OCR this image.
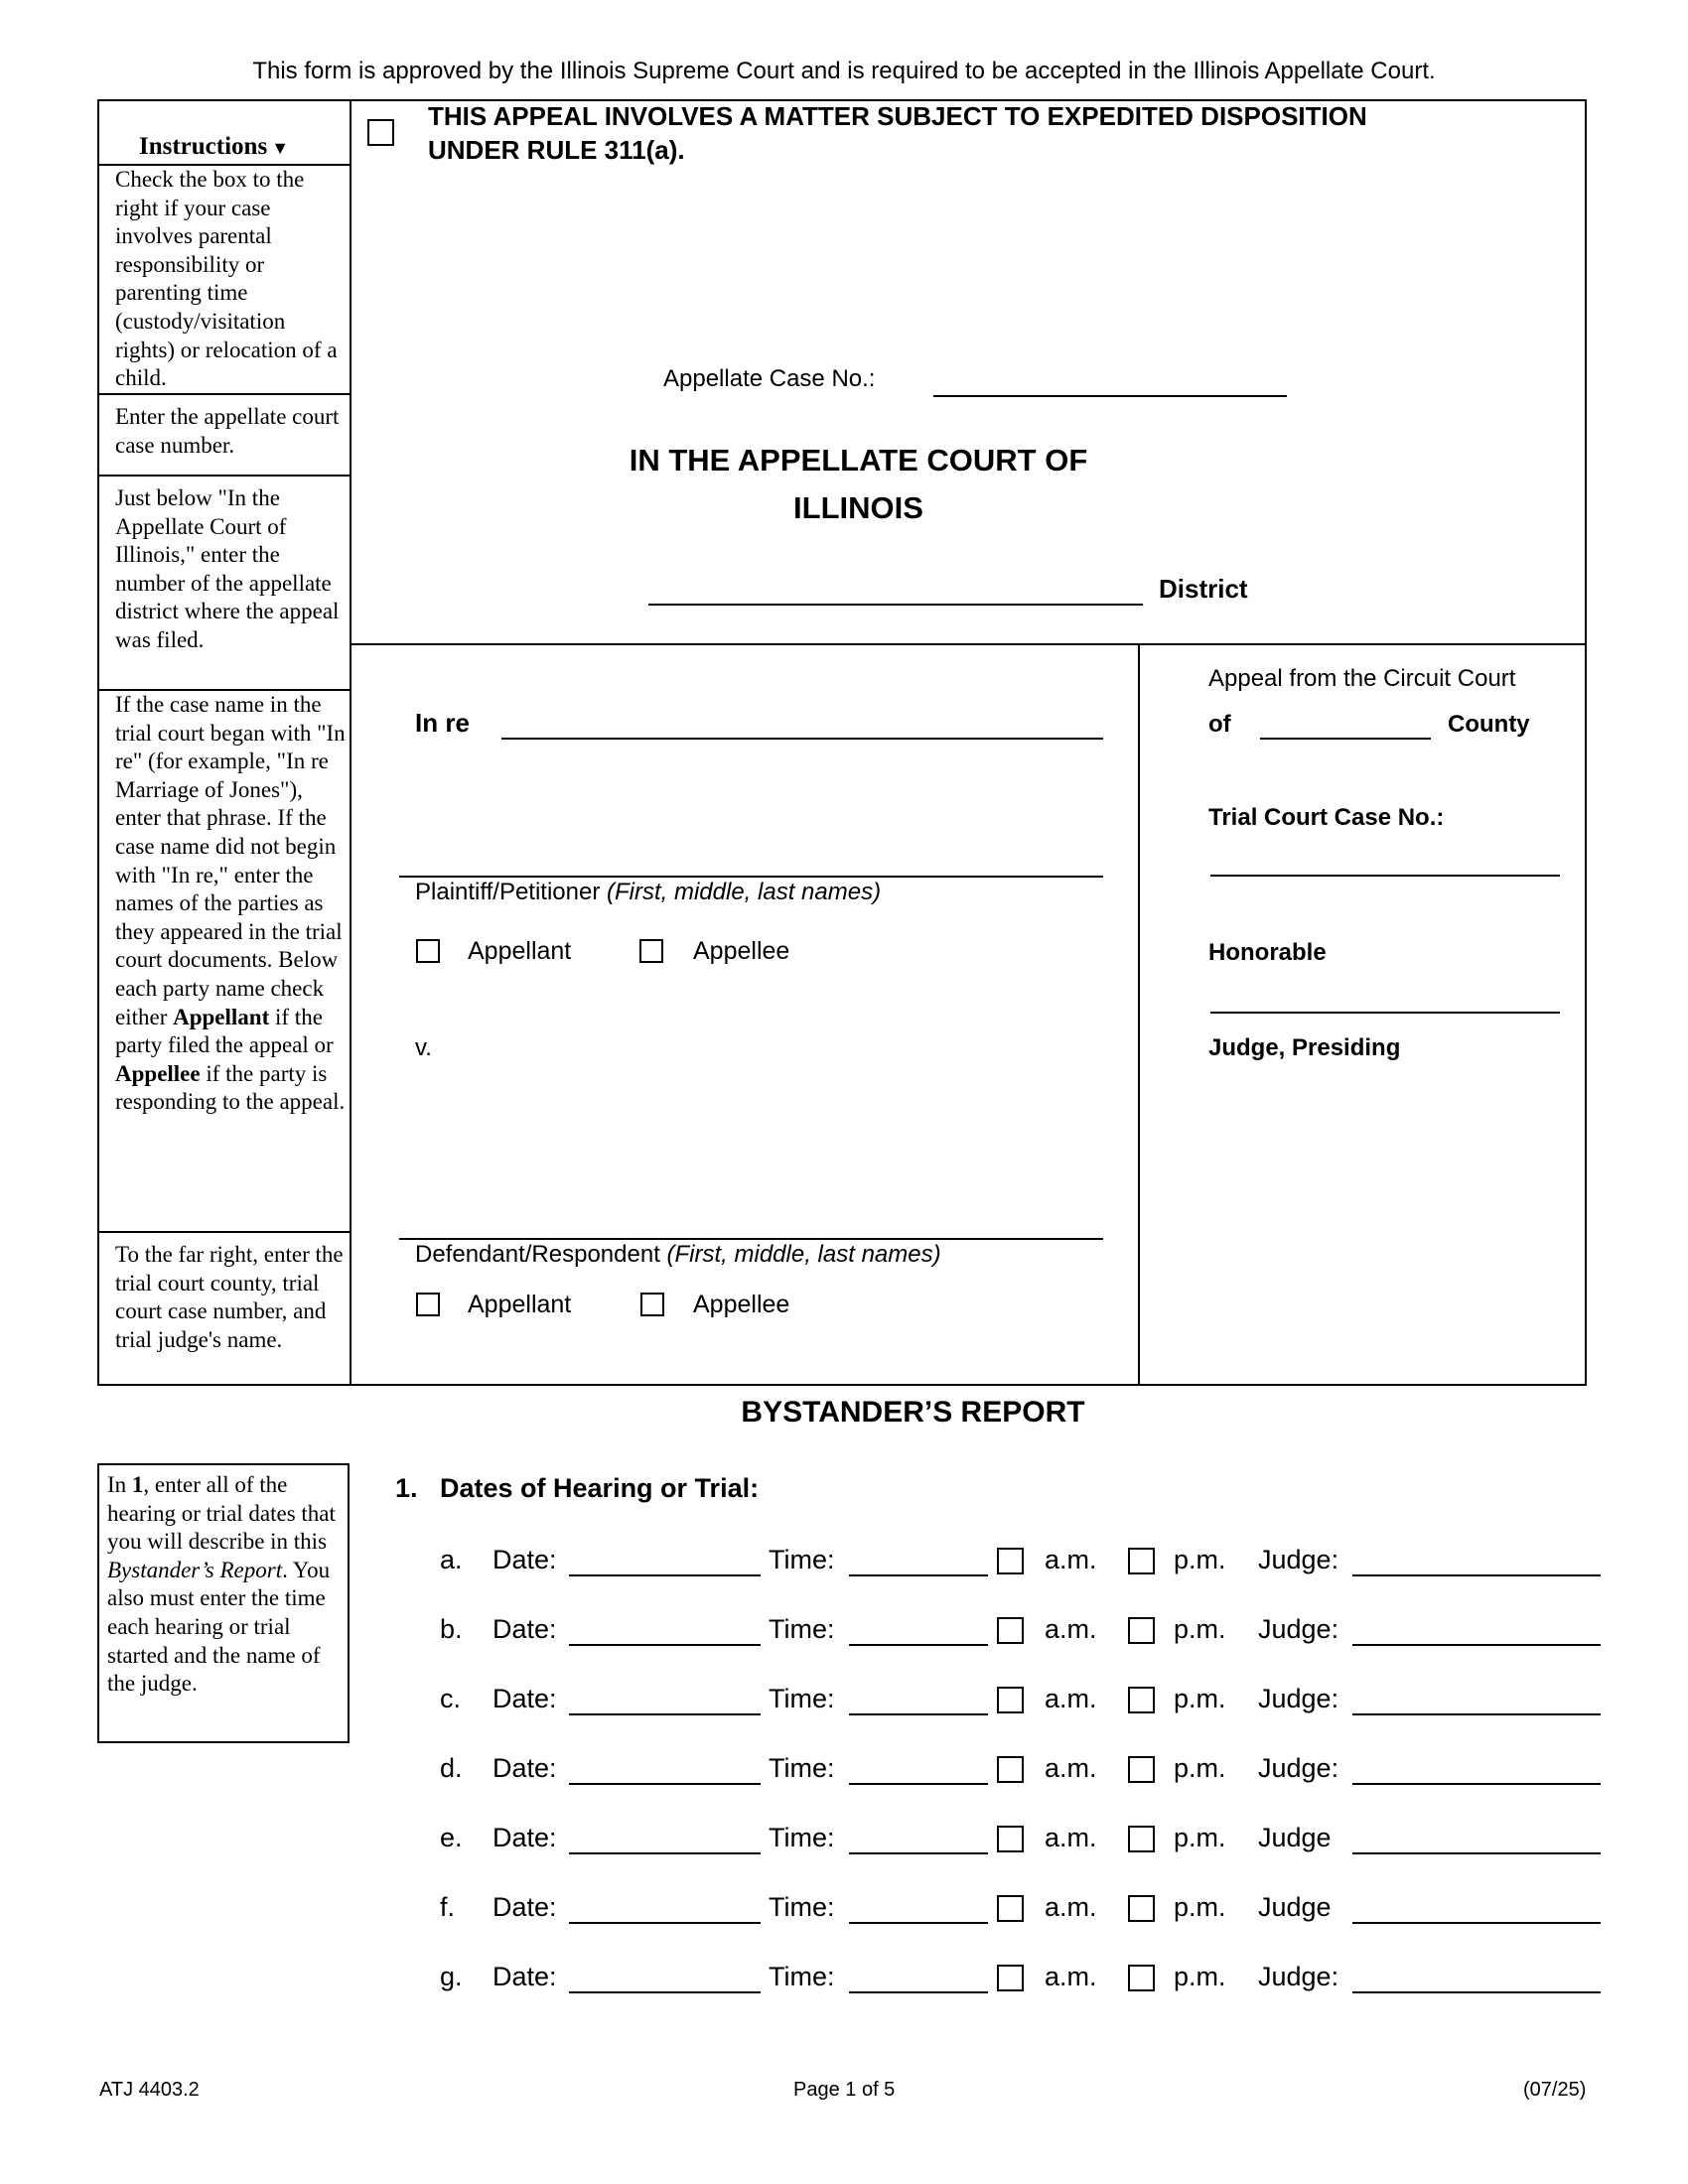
This form is approved by the Illinois Supreme Court and is required to be accepted in the Illinois Appellate Court.
Instructions ▼
Check the box to the right if your case involves parental responsibility or parenting time (custody/visitation rights) or relocation of a child.
Enter the appellate court case number.
Just below "In the Appellate Court of Illinois," enter the number of the appellate district where the appeal was filed.
If the case name in the trial court began with "In re" (for example, "In re Marriage of Jones"), enter that phrase. If the case name did not begin with "In re," enter the names of the parties as they appeared in the trial court documents. Below each party name check either Appellant if the party filed the appeal or Appellee if the party is responding to the appeal.
To the far right, enter the trial court county, trial court case number, and trial judge's name.
THIS APPEAL INVOLVES A MATTER SUBJECT TO EXPEDITED DISPOSITION
UNDER RULE 311(a).
Appellate Case No.:
IN THE APPELLATE COURT OF
ILLINOIS
District
In re
Plaintiff/Petitioner (First, middle, last names)
Appellant	Appellee
v.
Defendant/Respondent (First, middle, last names)
Appellant	Appellee
Appeal from the Circuit Court
of	County
Trial Court Case No.:
Honorable
Judge, Presiding
BYSTANDER’S REPORT
In 1, enter all of the hearing or trial dates that you will describe in this Bystander’s Report. You also must enter the time each hearing or trial started and the name of the judge.
1. Dates of Hearing or Trial:
a. Date:	Time:	a.m.	p.m. Judge:
b. Date:	Time:	a.m.	p.m. Judge:
c. Date:	Time:	a.m.	p.m. Judge:
d. Date:	Time:	a.m.	p.m. Judge:
e. Date:	Time:	a.m.	p.m. Judge
f. Date:	Time:	a.m.	p.m. Judge
g. Date:	Time:	a.m.	p.m. Judge:
ATJ 4403.2	Page 1 of 5	(07/25)
